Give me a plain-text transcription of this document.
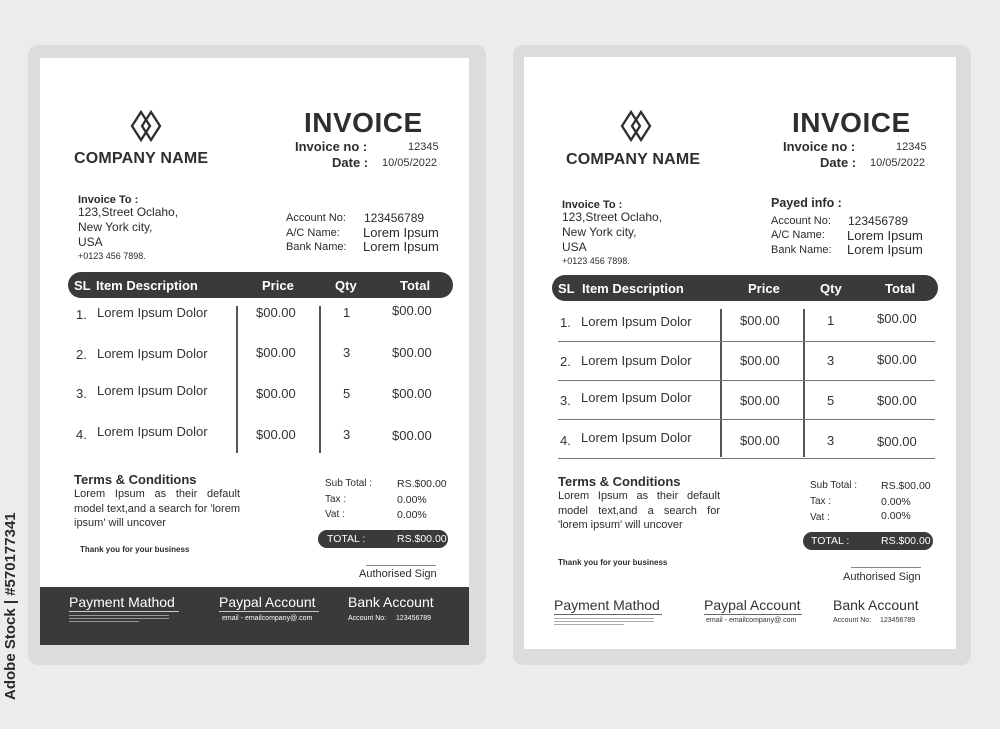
COMPANY NAME
INVOICE
Invoice no :	12345
Date : 10/05/2022
Invoice To :
123,Street Oclaho,
New York city,
USA
+0123 456 7898.
Account No: 123456789
A/C Name: Lorem Ipsum
Bank Name: Lorem Ipsum
SL Item Description	Price	Qty	Total
1. Lorem Ipsum Dolor	$00.00	1	$00.00
2. Lorem Ipsum Dolor	$00.00	3	$00.00
3. Lorem Ipsum Dolor	$00.00	5	$00.00
4. Lorem Ipsum Dolor	$00.00	3	$00.00
Terms & Conditions
Lorem Ipsum as their default model text,and a search for 'lorem ipsum' will uncover
Thank you for your business
Sub Total : RS.$00.00
Tax :	0.00%
Vat :	0.00%
TOTAL :	RS.$00.00
Authorised Sign
Payment Mathod	Paypal Account
email - emailcompany@.com
Bank Account
Account No: 123456789
COMPANY NAME
INVOICE
Invoice no :	12345
Date : 10/05/2022
Invoice To :
123,Street Oclaho,
New York city,
USA
+0123 456 7898.
Payed info :
Account No: 123456789
A/C Name: Lorem Ipsum
Bank Name: Lorem Ipsum
SL Item Description	Price	Qty	Total
1. Lorem Ipsum Dolor	$00.00	1	$00.00
2. Lorem Ipsum Dolor	$00.00	3	$00.00
3. Lorem Ipsum Dolor	$00.00	5	$00.00
4. Lorem Ipsum Dolor	$00.00	3	$00.00
Terms & Conditions
Lorem Ipsum as their default model text,and a search for 'lorem ipsum' will uncover
Thank you for your business
Sub Total : RS.$00.00
Tax :	0.00%
Vat :	0.00%
TOTAL :	RS.$00.00
Authorised Sign
Payment Mathod	Paypal Account
email - emailcompany@.com
Bank Account
Account No: 123456789
Adobe Stock | #570177341
